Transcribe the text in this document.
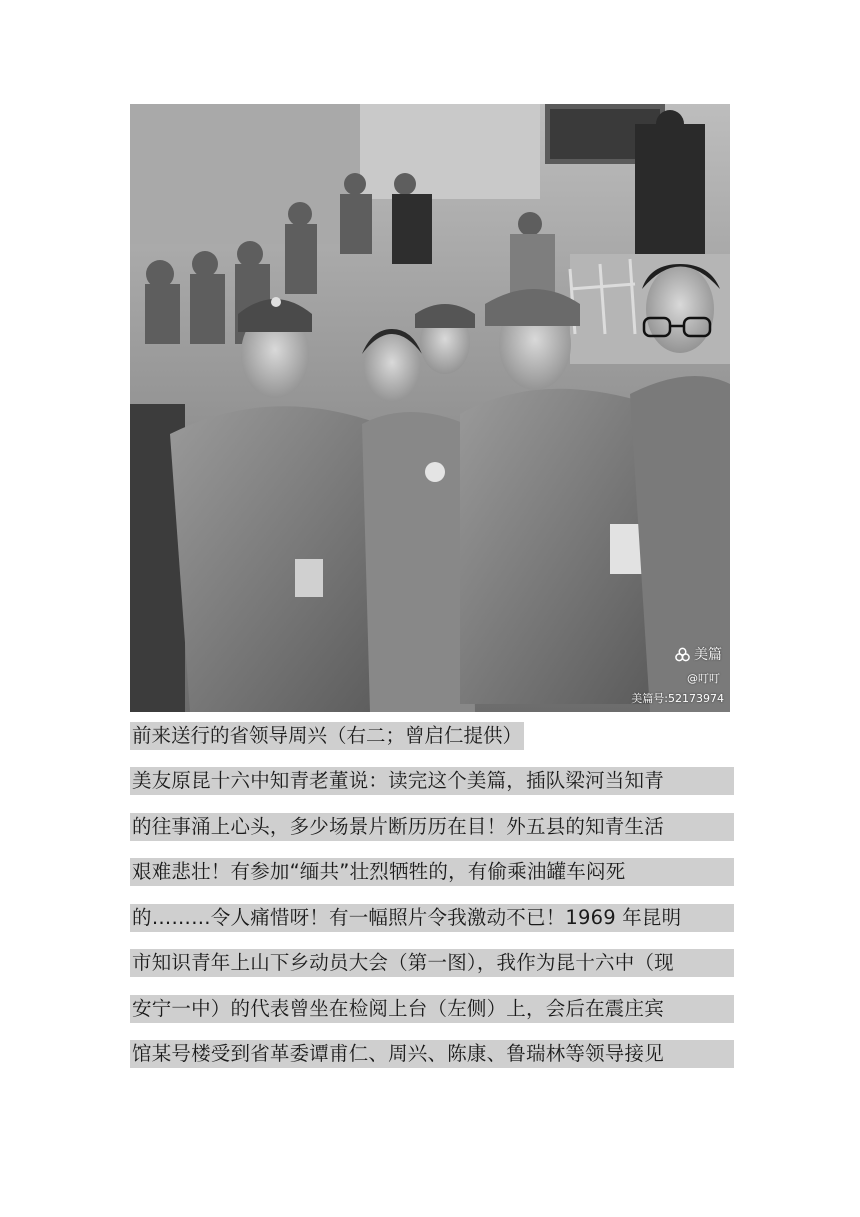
美篇
@叮叮
美篇号:52173974
前来送行的省领导周兴（右二；曾启仁提供）
美友原昆十六中知青老董说：读完这个美篇，插队梁河当知青
的往事涌上心头，多少场景片断历历在目！外五县的知青生活
艰难悲壮！有参加“缅共”壮烈牺牲的，有偷乘油罐车闷死
的………令人痛惜呀！有一幅照片令我激动不已！1969 年昆明
市知识青年上山下乡动员大会（第一图），我作为昆十六中（现
安宁一中）的代表曾坐在检阅上台（左侧）上，会后在震庄宾
馆某号楼受到省革委谭甫仁、周兴、陈康、鲁瑞林等领导接见
